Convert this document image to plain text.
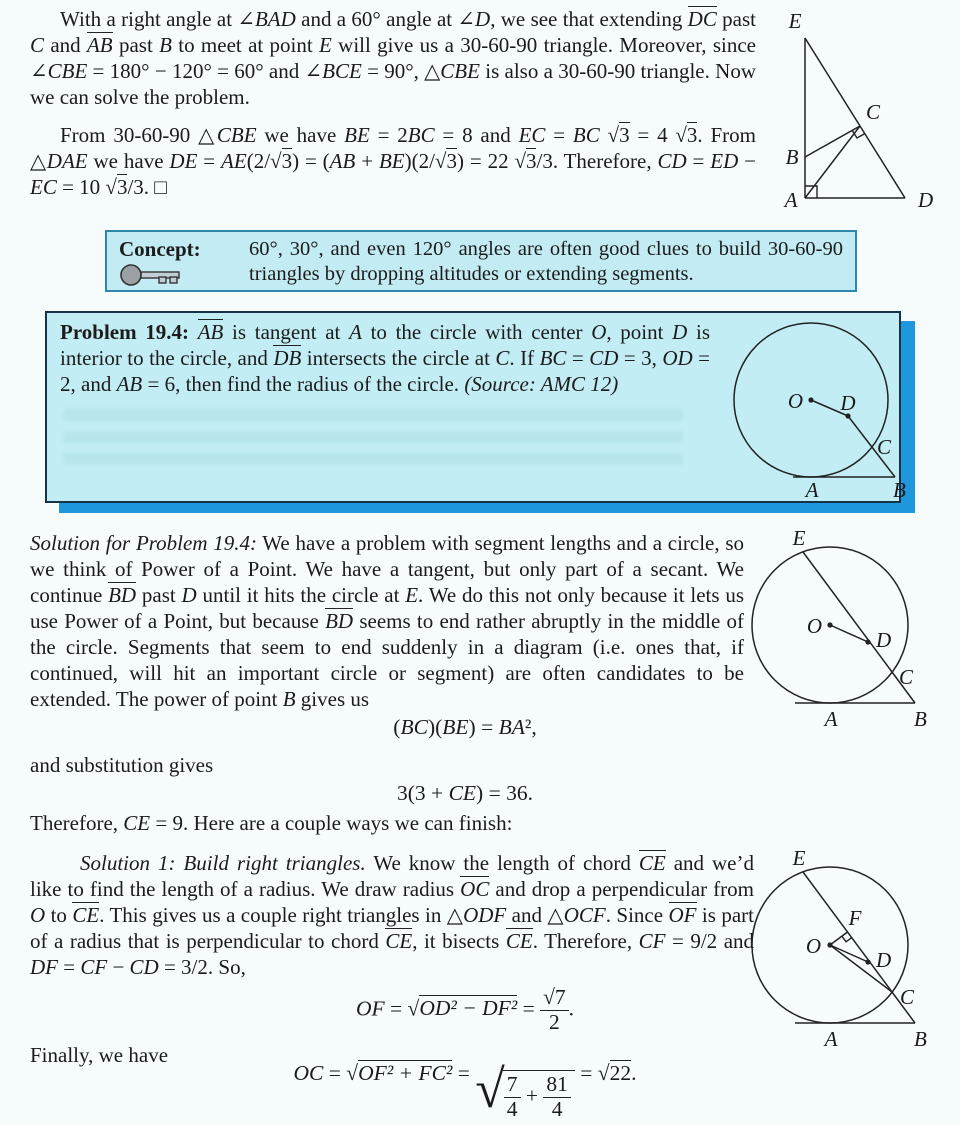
With a right angle at ∠BAD and a 60° angle at ∠D, we see that extending DC past C and AB past B to meet at point E will give us a 30-60-90 triangle. Moreover, since ∠CBE = 180° − 120° = 60° and ∠BCE = 90°, △CBE is also a 30-60-90 triangle. Now we can solve the problem.
From 30-60-90 △CBE we have BE = 2BC = 8 and EC = BC √3 = 4 √3. From △DAE we have DE = AE(2/√3) = (AB + BE)(2/√3) = 22 √3/3. Therefore, CD = ED − EC = 10 √3/3. □
E
B
A	D
C
Concept:	60°, 30°, and even 120° angles are often good clues to build 30-60-90 triangles by dropping altitudes or extending segments.
Problem 19.4: AB is tangent at A to the circle with center O, point D is interior to the circle, and DB intersects the circle at C. If BC = CD = 3, OD = 2, and AB = 6, then find the radius of the circle. (Source: AMC 12)
O D
C
A	B
Solution for Problem 19.4: We have a problem with segment lengths and a circle, so we think of Power of a Point. We have a tangent, but only part of a secant. We continue BD past D until it hits the circle at E. We do this not only because it lets us use Power of a Point, but because BD seems to end rather abruptly in the middle of the circle. Segments that seem to end suddenly in a diagram (i.e. ones that, if continued, will hit an important circle or segment) are often candidates to be extended. The power of point B gives us
E
O
D
C
A	B
(BC)(BE) = BA²,
and substitution gives
3(3 + CE) = 36.
Therefore, CE = 9. Here are a couple ways we can finish:
Solution 1: Build right triangles. We know the length of chord CE and we’d like to find the length of a radius. We draw radius OC and drop a perpendicular from O to CE. This gives us a couple right triangles in △ODF and △OCF. Since OF is part of a radius that is perpendicular to chord CE, it bisects CE. Therefore, CF = 9/2 and DF = CF − CD = 3/2. So,
E
F
O
D
C
A	B
OF = $√OD^2 - DF^2 = \frac{√7}{2}$ .
Finally, we have
OC = √OF² + FC² = √ $\frac{7}{4} + \frac{81}{4}$
= √22.
